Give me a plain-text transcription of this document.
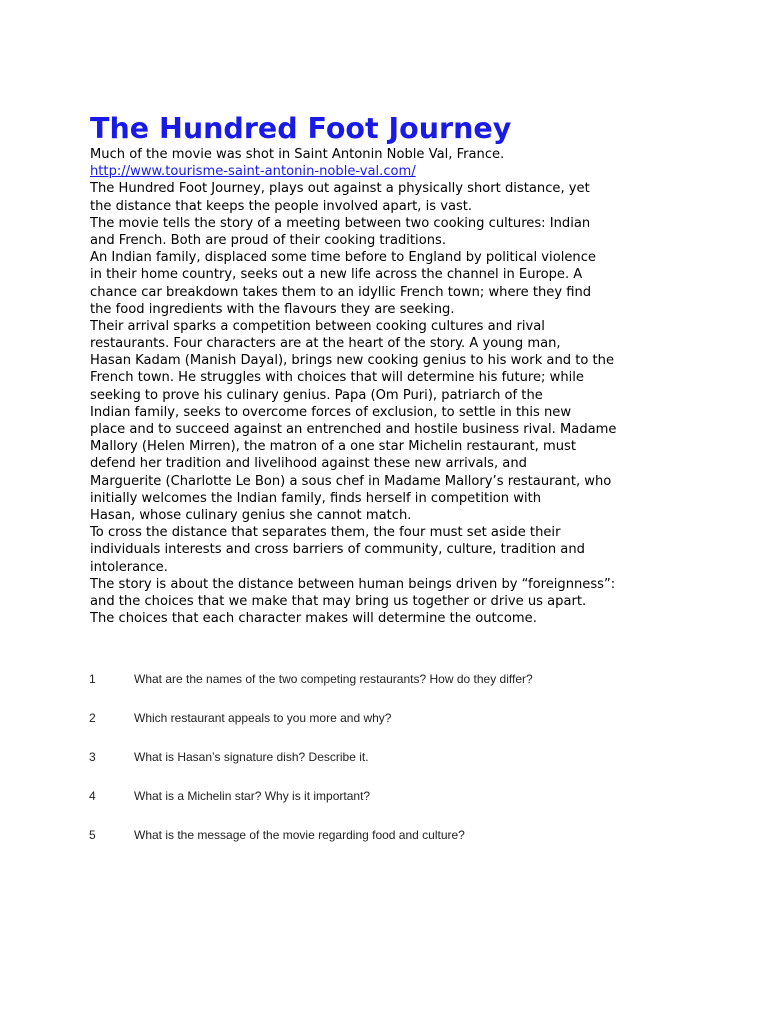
The Hundred Foot Journey
Much of the movie was shot in Saint Antonin Noble Val, France.
http://www.tourisme-saint-antonin-noble-val.com/
The Hundred Foot Journey, plays out against a physically short distance, yet
the distance that keeps the people involved apart, is vast.
The movie tells the story of a meeting between two cooking cultures: Indian
and French. Both are proud of their cooking traditions.
An Indian family, displaced some time before to England by political violence
in their home country, seeks out a new life across the channel in Europe. A
chance car breakdown takes them to an idyllic French town; where they find
the food ingredients with the flavours they are seeking.
Their arrival sparks a competition between cooking cultures and rival
restaurants. Four characters are at the heart of the story. A young man,
Hasan Kadam (Manish Dayal), brings new cooking genius to his work and to the
French town. He struggles with choices that will determine his future; while
seeking to prove his culinary genius. Papa (Om Puri), patriarch of the
Indian family, seeks to overcome forces of exclusion, to settle in this new
place and to succeed against an entrenched and hostile business rival. Madame
Mallory (Helen Mirren), the matron of a one star Michelin restaurant, must
defend her tradition and livelihood against these new arrivals, and
Marguerite (Charlotte Le Bon) a sous chef in Madame Mallory’s restaurant, who
initially welcomes the Indian family, finds herself in competition with
Hasan, whose culinary genius she cannot match.
To cross the distance that separates them, the four must set aside their
individuals interests and cross barriers of community, culture, tradition and
intolerance.
The story is about the distance between human beings driven by “foreignness”:
and the choices that we make that may bring us together or drive us apart.
The choices that each character makes will determine the outcome.
1	What are the names of the two competing restaurants? How do they differ?
2	Which restaurant appeals to you more and why?
3	What is Hasan’s signature dish? Describe it.
4	What is a Michelin star? Why is it important?
5	What is the message of the movie regarding food and culture?
